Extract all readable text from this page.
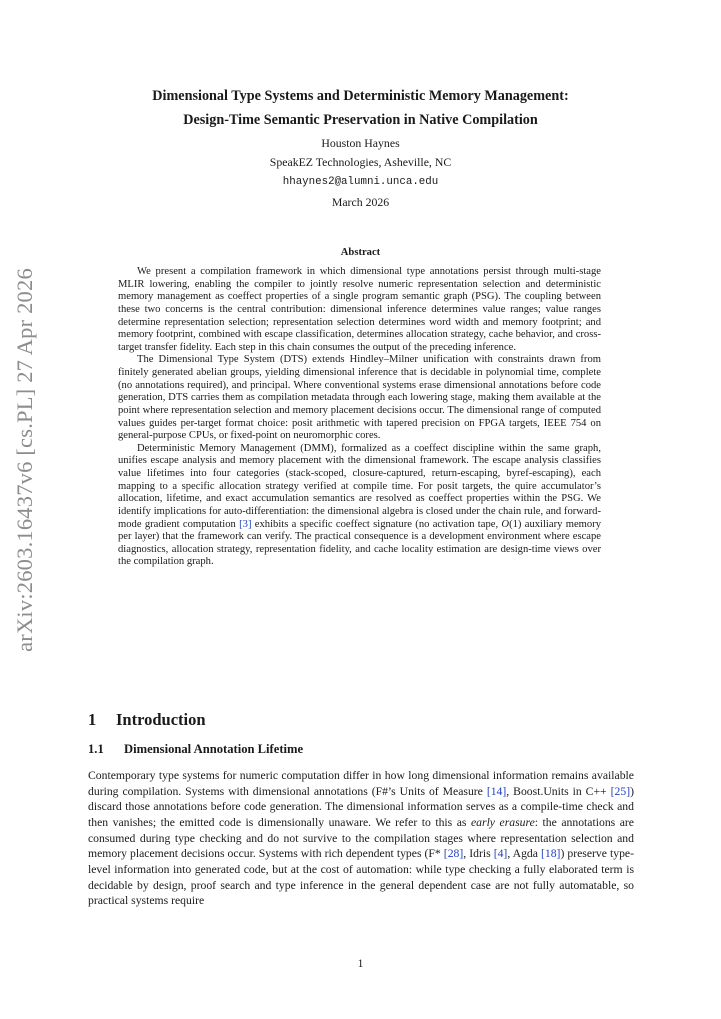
arXiv:2603.16437v6 [cs.PL] 27 Apr 2026
Dimensional Type Systems and Deterministic Memory Management:
Design-Time Semantic Preservation in Native Compilation
Houston Haynes
SpeakEZ Technologies, Asheville, NC
hhaynes2@alumni.unca.edu
March 2026
Abstract

We present a compilation framework in which dimensional type annotations persist through multi-stage MLIR lowering, enabling the compiler to jointly resolve numeric representation selection and deterministic memory management as coeffect properties of a single program semantic graph (PSG). The coupling between these two concerns is the central contribution: dimensional inference determines value ranges; value ranges determine representation selection; representation selection determines word width and memory footprint; and memory footprint, combined with escape classification, determines allocation strategy, cache behavior, and cross-target transfer fidelity. Each step in this chain consumes the output of the preceding inference.

The Dimensional Type System (DTS) extends Hindley–Milner unification with constraints drawn from finitely generated abelian groups, yielding dimensional inference that is decidable in polynomial time, complete (no annotations required), and principal. Where conventional systems erase dimensional annotations before code generation, DTS carries them as compilation metadata through each lowering stage, making them available at the point where representation selection and memory placement decisions occur. The dimensional range of computed values guides per-target format choice: posit arithmetic with tapered precision on FPGA targets, IEEE 754 on general-purpose CPUs, or fixed-point on neuromorphic cores.

Deterministic Memory Management (DMM), formalized as a coeffect discipline within the same graph, unifies escape analysis and memory placement with the dimensional framework. The escape analysis classifies value lifetimes into four categories (stack-scoped, closure-captured, return-escaping, byref-escaping), each mapping to a specific allocation strategy verified at compile time. For posit targets, the quire accumulator’s allocation, lifetime, and exact accumulation semantics are resolved as coeffect properties within the PSG. We identify implications for auto-differentiation: the dimensional algebra is closed under the chain rule, and forward-mode gradient computation [3] exhibits a specific coeffect signature (no activation tape, O(1) auxiliary memory per layer) that the framework can verify. The practical consequence is a development environment where escape diagnostics, allocation strategy, representation fidelity, and cache locality estimation are design-time views over the compilation graph.

1 Introduction
1.1 Dimensional Annotation Lifetime

Contemporary type systems for numeric computation differ in how long dimensional information remains available during compilation. Systems with dimensional annotations (F#’s Units of Measure [14], Boost.Units in C++ [25]) discard those annotations before code generation. The dimensional information serves as a compile-time check and then vanishes; the emitted code is dimensionally unaware. We refer to this as early erasure: the annotations are consumed during type checking and do not survive to the compilation stages where representation selection and memory placement decisions occur. Systems with rich dependent types (F* [28], Idris [4], Agda [18]) preserve type-level information into generated code, but at the cost of automation: while type checking a fully elaborated term is decidable by design, proof search and type inference in the general dependent case are not fully automatable, so practical systems require

1
